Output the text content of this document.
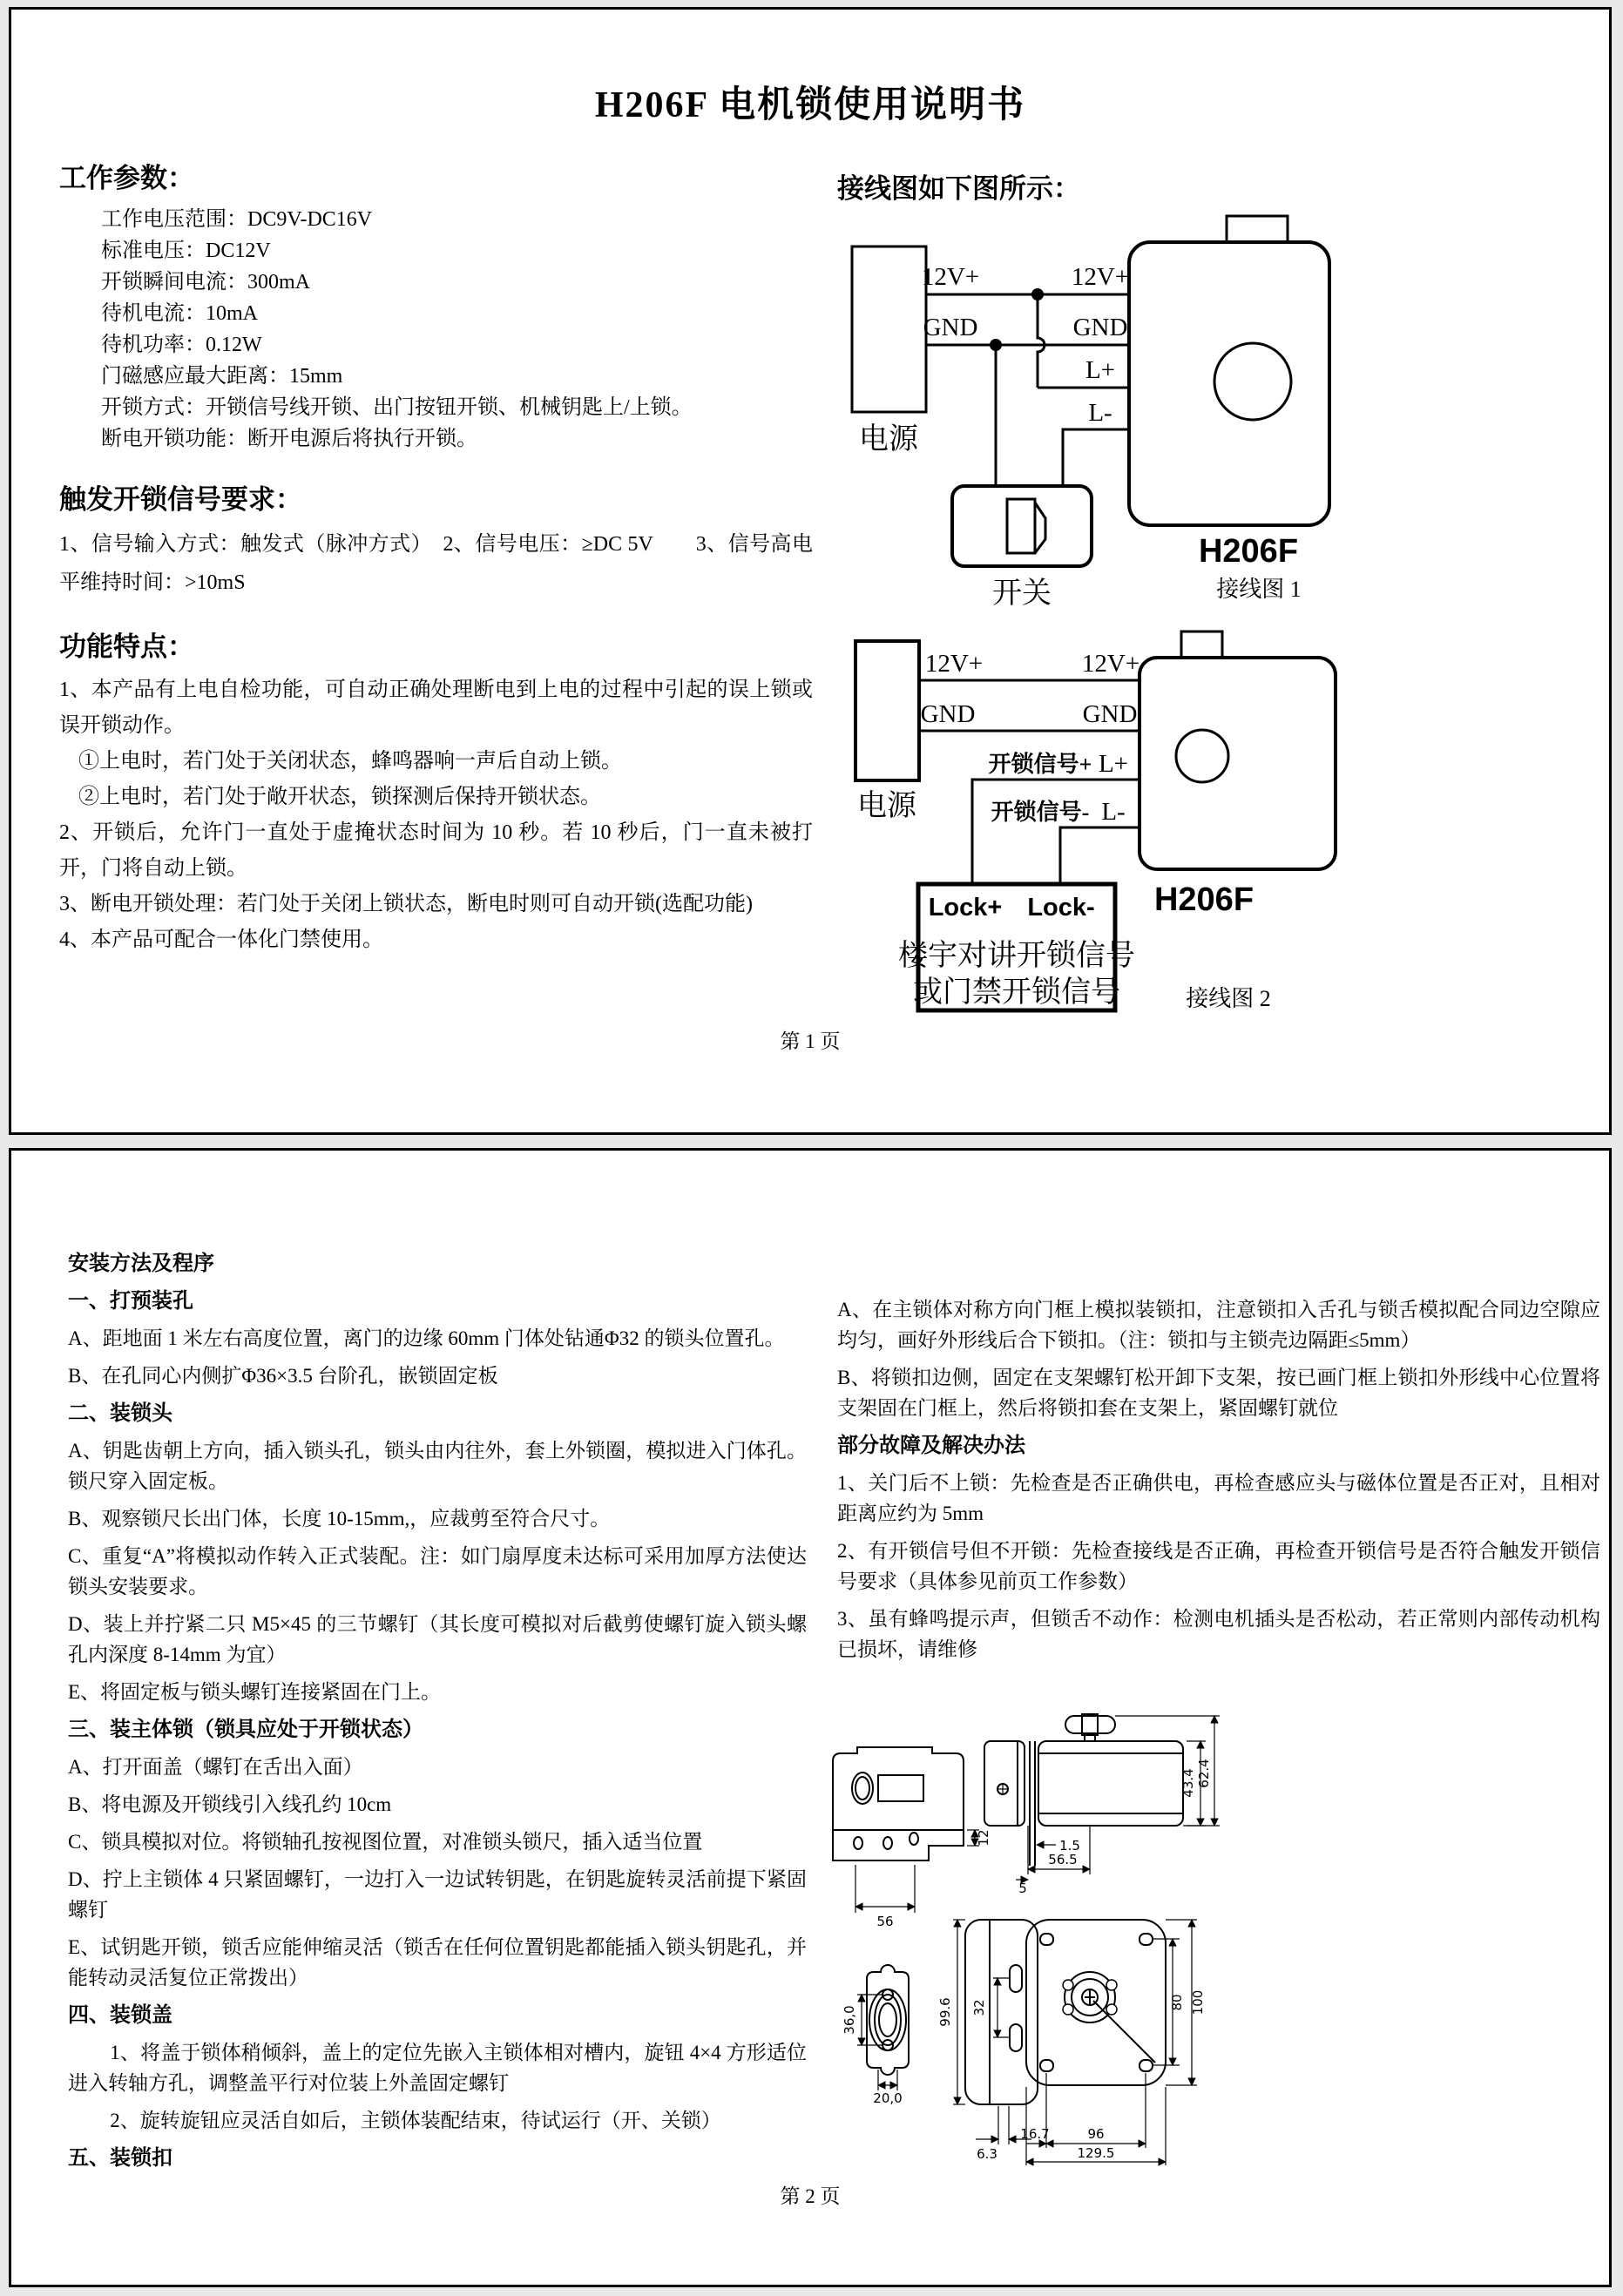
H206F 电机锁使用说明书
工作参数：

工作电压范围：DC9V-DC16V

标准电压：DC12V

开锁瞬间电流：300mA

待机电流：10mA

待机功率：0.12W

门磁感应最大距离：15mm

开锁方式：开锁信号线开锁、出门按钮开锁、机械钥匙上/上锁。

断电开锁功能：断开电源后将执行开锁。

触发开锁信号要求：

1、信号输入方式：触发式（脉冲方式）　2、信号电压：≥DC 5V　　3、信号高电平维持时间：>10mS

功能特点：

1、本产品有上电自检功能，可自动正确处理断电到上电的过程中引起的误上锁或误开锁动作。

①上电时，若门处于关闭状态，蜂鸣器响一声后自动上锁。

②上电时，若门处于敞开状态，锁探测后保持开锁状态。

2、开锁后，允许门一直处于虚掩状态时间为 10 秒。若 10 秒后，门一直未被打开，门将自动上锁。

3、断电开锁处理：若门处于关闭上锁状态，断电时则可自动开锁(选配功能)

4、本产品可配合一体化门禁使用。

接线图如下图所示：
电源
开关
12V+	12V+
GND	GND
L+
L-
H206F
接线图 1
电源
Lock+ Lock-
楼宇对讲开锁信号
或门禁开锁信号
12V+	12V+
GND	GND
开锁信号+ L+
开锁信号- L-
H206F
接线图 2
第 1 页

安装方法及程序

一、打预装孔

A、距地面 1 米左右高度位置，离门的边缘 60mm 门体处钻通Φ32 的锁头位置孔。

B、在孔同心内侧扩Φ36×3.5 台阶孔，嵌锁固定板

二、装锁头

A、钥匙齿朝上方向，插入锁头孔，锁头由内往外，套上外锁圈，模拟进入门体孔。锁尺穿入固定板。

B、观察锁尺长出门体，长度 10-15mm,，应裁剪至符合尺寸。

C、重复“A”将模拟动作转入正式装配。注：如门扇厚度未达标可采用加厚方法使达锁头安装要求。

D、装上并拧紧二只 M5×45 的三节螺钉（其长度可模拟对后截剪使螺钉旋入锁头螺孔内深度 8-14mm 为宜）

E、将固定板与锁头螺钉连接紧固在门上。

三、装主体锁（锁具应处于开锁状态）

A、打开面盖（螺钉在舌出入面）

B、将电源及开锁线引入线孔约 10cm

C、锁具模拟对位。将锁轴孔按视图位置，对准锁头锁尺，插入适当位置

D、拧上主锁体 4 只紧固螺钉，一边打入一边试转钥匙，在钥匙旋转灵活前提下紧固螺钉

E、试钥匙开锁，锁舌应能伸缩灵活（锁舌在任何位置钥匙都能插入锁头钥匙孔，并能转动灵活复位正常拨出）

四、装锁盖

1、将盖于锁体稍倾斜，盖上的定位先嵌入主锁体相对槽内，旋钮 4×4 方形适位进入转轴方孔，调整盖平行对位装上外盖固定螺钉

2、旋转旋钮应灵活自如后，主锁体装配结束，待试运行（开、关锁）

五、装锁扣

A、在主锁体对称方向门框上模拟装锁扣，注意锁扣入舌孔与锁舌模拟配合同边空隙应均匀，画好外形线后合下锁扣。（注：锁扣与主锁壳边隔距≤5mm）

B、将锁扣边侧，固定在支架螺钉松开卸下支架，按已画门框上锁扣外形线中心位置将支架固在门框上，然后将锁扣套在支架上，紧固螺钉就位

部分故障及解决办法

1、关门后不上锁：先检查是否正确供电，再检查感应头与磁体位置是否正对，且相对距离应约为 5mm

2、有开锁信号但不开锁：先检查接线是否正确，再检查开锁信号是否符合触发开锁信号要求（具体参见前页工作参数）

3、虽有蜂鸣提示声，但锁舌不动作：检测电机插头是否松动，若正常则内部传动机构已损坏，请维修

12
56
43.4 62.4
1.5
56.5
5
36,0
20,0
99.6 32
6.3
80 100
16.7	96
129.5
第 2 页
